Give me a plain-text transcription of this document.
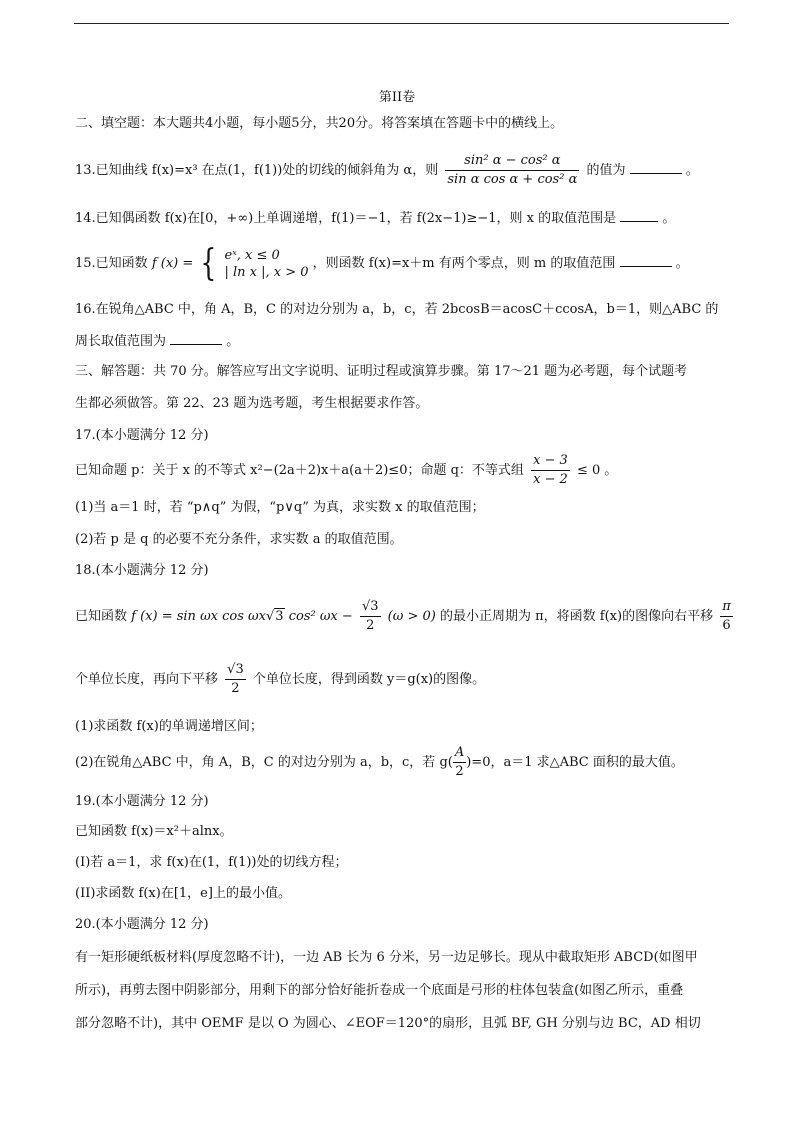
第II卷
二、填空题：本大题共4小题，每小题5分，共20分。将答案填在答题卡中的横线上。
13.已知曲线 f(x)=x³ 在点(1，f(1))处的切线的倾斜角为 α，则 $\frac{\text{sin² α − cos² α}}{\text{sin α cos α + cos² α}}$ 的值为	。
14.已知偶函数 f(x)在[0，+∞)上单调递增，f(1)＝−1，若 f(2x−1)≥−1，则 x 的取值范围是	。
15.已知函数 f (x) = { eˣ, x ≤ 0
| ln x |, x > 0
，则函数 f(x)=x＋m 有两个零点，则 m 的取值范围	。
16.在锐角△ABC 中，角 A，B，C 的对边分别为 a，b，c，若 2bcosB＝acosC＋ccosA，b＝1，则△ABC 的
周长取值范围为	。
三、解答题：共 70 分。解答应写出文字说明、证明过程或演算步骤。第 17～21 题为必考题，每个试题考
生都必须做答。第 22、23 题为选考题，考生根据要求作答。
17.(本小题满分 12 分)
已知命题 p：关于 x 的不等式 x²−(2a＋2)x＋a(a＋2)≤0；命题 q：不等式组 $\frac{x - 3}{x - 2} \le 0$ 。
(1)当 a＝1 时，若 “p∧q” 为假，“p∨q” 为真，求实数 x 的取值范围；
(2)若 p 是 q 的必要不充分条件，求实数 a 的取值范围。
18.(本小题满分 12 分)
已知函数 f (x) = sin ωx cos ωx√3 cos² $\omega x - \frac{√3}{2} (\omega > 0)$ 的最小正周期为 π，将函数 f(x)的图像向右平移 $\frac{\pi}{6}$
个单位长度，再向下平移 $\frac{√3}{2}$ 个单位长度，得到函数 y＝g(x)的图像。
(1)求函数 f(x)的单调递增区间；
(2)在锐角△ABC 中，角 A，B，C 的对边分别为 a，b，c，若 $g( \frac{A}{2} )=0$，a＝1 求△ABC 面积的最大值。
19.(本小题满分 12 分)
已知函数 f(x)＝x²＋alnx。
(I)若 a＝1，求 f(x)在(1，f(1))处的切线方程；
(II)求函数 f(x)在[1，e]上的最小值。
20.(本小题满分 12 分)
有一矩形硬纸板材料(厚度忽略不计)，一边 AB 长为 6 分米，另一边足够长。现从中截取矩形 ABCD(如图甲
所示)，再剪去图中阴影部分，用剩下的部分恰好能折卷成一个底面是弓形的柱体包装盒(如图乙所示，重叠
部分忽略不计)，其中 OEMF 是以 O 为圆心、∠EOF＝120°的扇形，且弧 BF, GH 分别与边 BC，AD 相切
